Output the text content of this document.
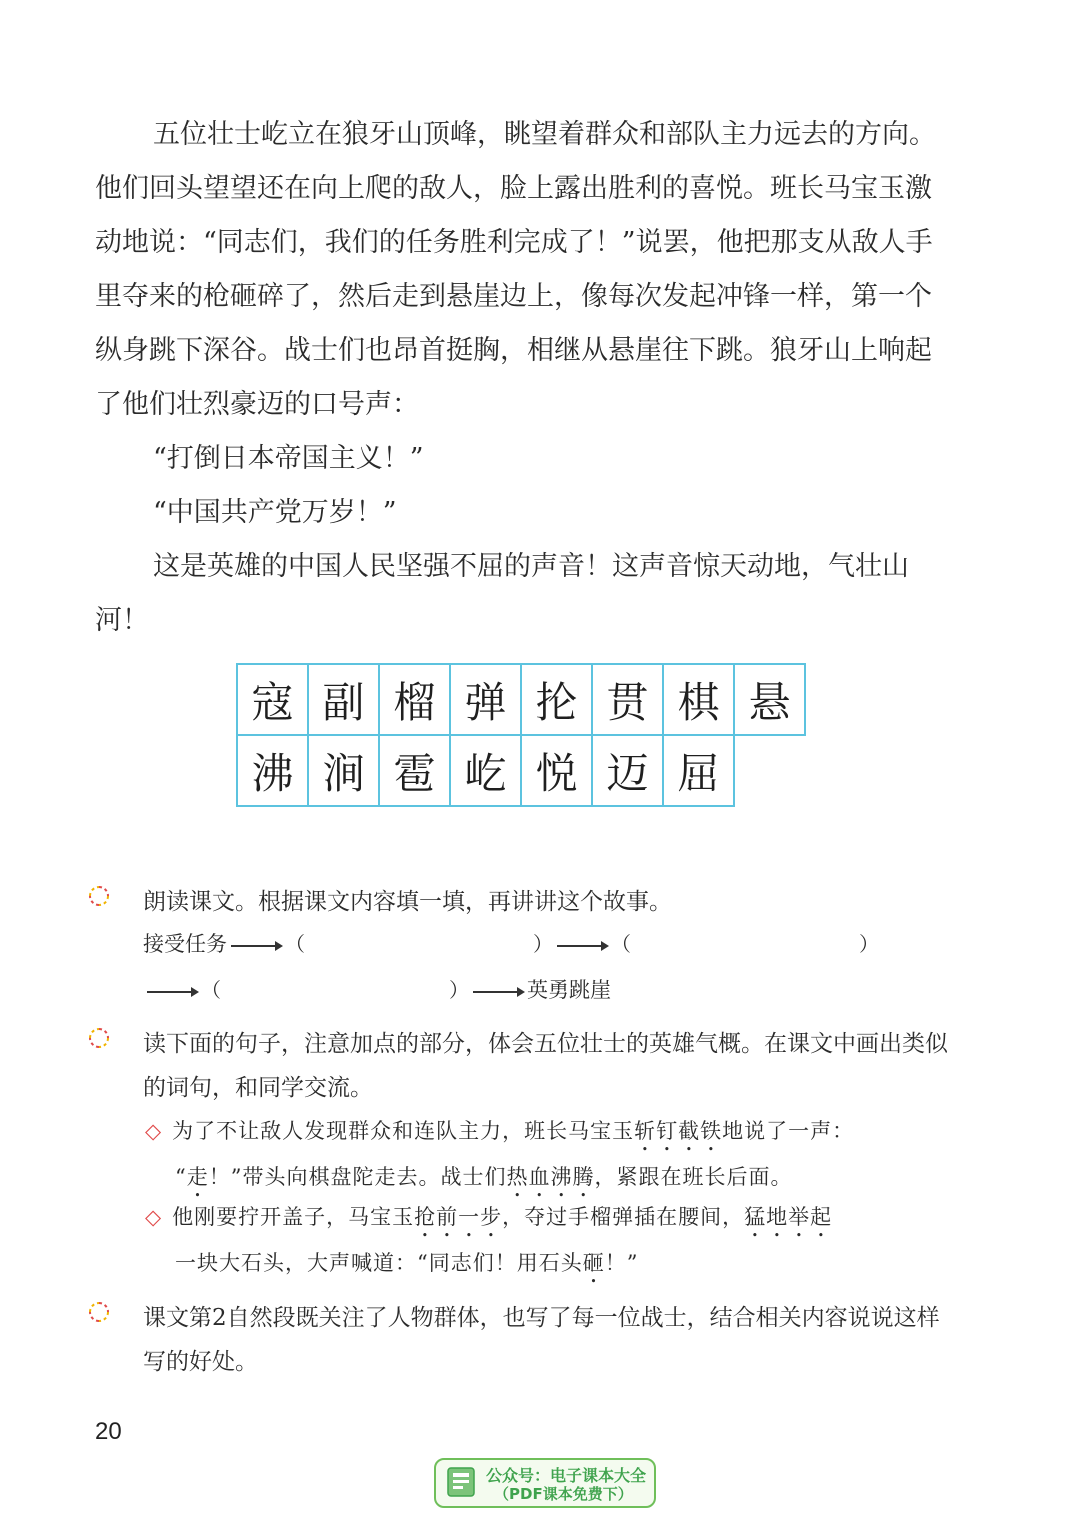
五位壮士屹立在狼牙山顶峰，眺望着群众和部队主力远去的方向。他们回头望望还在向上爬的敌人，脸上露出胜利的喜悦。班长马宝玉激动地说：“同志们，我们的任务胜利完成了！”说罢，他把那支从敌人手里夺来的枪砸碎了，然后走到悬崖边上，像每次发起冲锋一样，第一个纵身跳下深谷。战士们也昂首挺胸，相继从悬崖往下跳。狼牙山上响起了他们壮烈豪迈的口号声：

“打倒日本帝国主义！”

“中国共产党万岁！”

这是英雄的中国人民坚强不屈的声音！这声音惊天动地，气壮山河！

寇	副	榴	弹	抡	贯	棋	悬
沸	涧	雹	屹	悦	迈	屈	
朗读课文。根据课文内容填一填，再讲讲这个故事。
接受任务	（	）	（	）
（	）	英勇跳崖
读下面的句子，注意加点的部分，体会五位壮士的英雄气概。在课文中画出类似的词句，和同学交流。
◇ 为了不让敌人发现群众和连队主力，班长马宝玉斩钉截铁地说了一声：
“走！”带头向棋盘陀走去。战士们热血沸腾，紧跟在班长后面。
◇ 他刚要拧开盖子，马宝玉抢前一步，夺过手榴弹插在腰间，猛地举起
一块大石头，大声喊道：“同志们！用石头砸！”
课文第2自然段既关注了人物群体，也写了每一位战士，结合相关内容说说这样写的好处。
20
公众号：电子课本大全
（PDF课本免费下）
